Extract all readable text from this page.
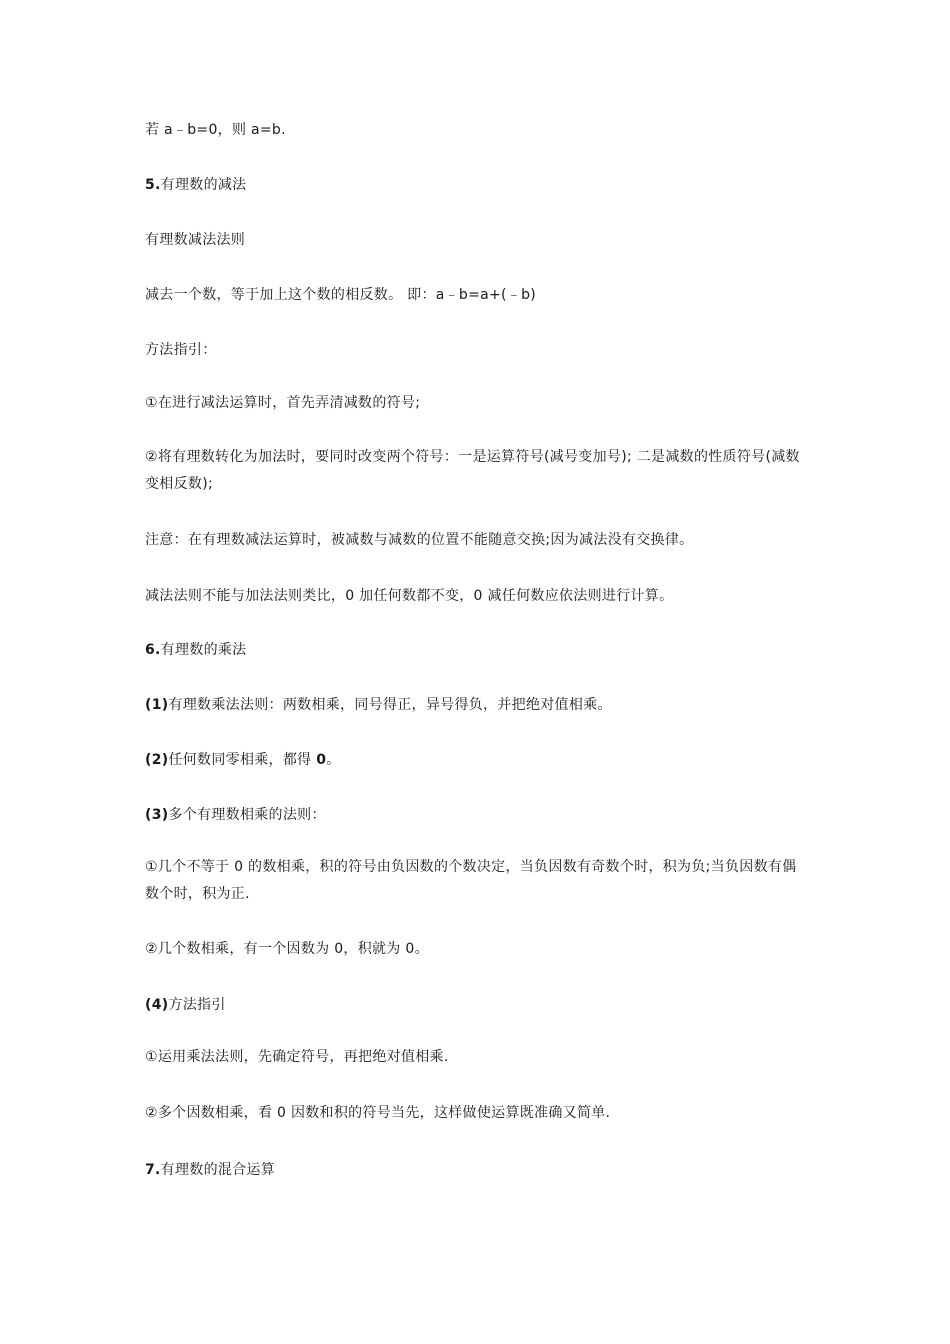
若 a﹣b=0，则 a=b.
5.有理数的减法
有理数减法法则
减去一个数，等于加上这个数的相反数。 即：a﹣b=a+(﹣b)
方法指引：
①在进行减法运算时，首先弄清减数的符号;
②将有理数转化为加法时，要同时改变两个符号：一是运算符号(减号变加号); 二是减数的性质符号(减数变相反数);
注意：在有理数减法运算时，被减数与减数的位置不能随意交换;因为减法没有交换律。
减法法则不能与加法法则类比，0 加任何数都不变，0 减任何数应依法则进行计算。
6.有理数的乘法
(1)有理数乘法法则：两数相乘，同号得正，异号得负，并把绝对值相乘。
(2)任何数同零相乘，都得 0。
(3)多个有理数相乘的法则：
①几个不等于 0 的数相乘，积的符号由负因数的个数决定，当负因数有奇数个时，积为负;当负因数有偶数个时，积为正.
②几个数相乘，有一个因数为 0，积就为 0。
(4)方法指引
①运用乘法法则，先确定符号，再把绝对值相乘.
②多个因数相乘，看 0 因数和积的符号当先，这样做使运算既准确又简单.
7.有理数的混合运算
